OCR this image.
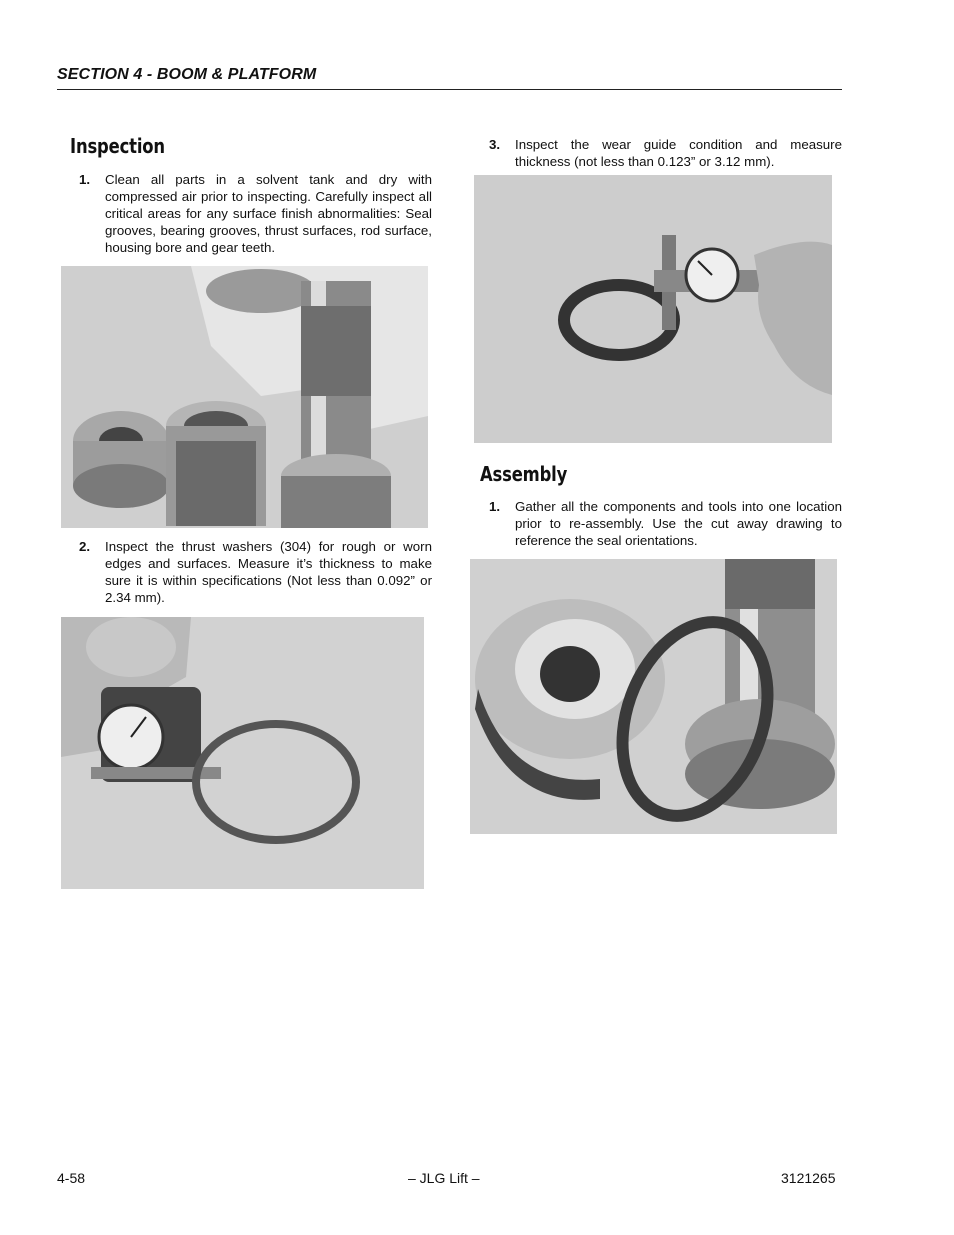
SECTION 4 - BOOM & PLATFORM
Inspection
1. Clean all parts in a solvent tank and dry with compressed air prior to inspecting. Carefully inspect all critical areas for any surface finish abnormalities: Seal grooves, bearing grooves, thrust surfaces, rod surface, housing bore and gear teeth.
2. Inspect the thrust washers (304) for rough or worn edges and surfaces. Measure it’s thickness to make sure it is within specifications (Not less than 0.092” or 2.34 mm).
3. Inspect the wear guide condition and measure thickness (not less than 0.123” or 3.12 mm).
Assembly
1. Gather all the components and tools into one location prior to re-assembly. Use the cut away drawing to reference the seal orientations.
4-58	– JLG Lift –	3121265
